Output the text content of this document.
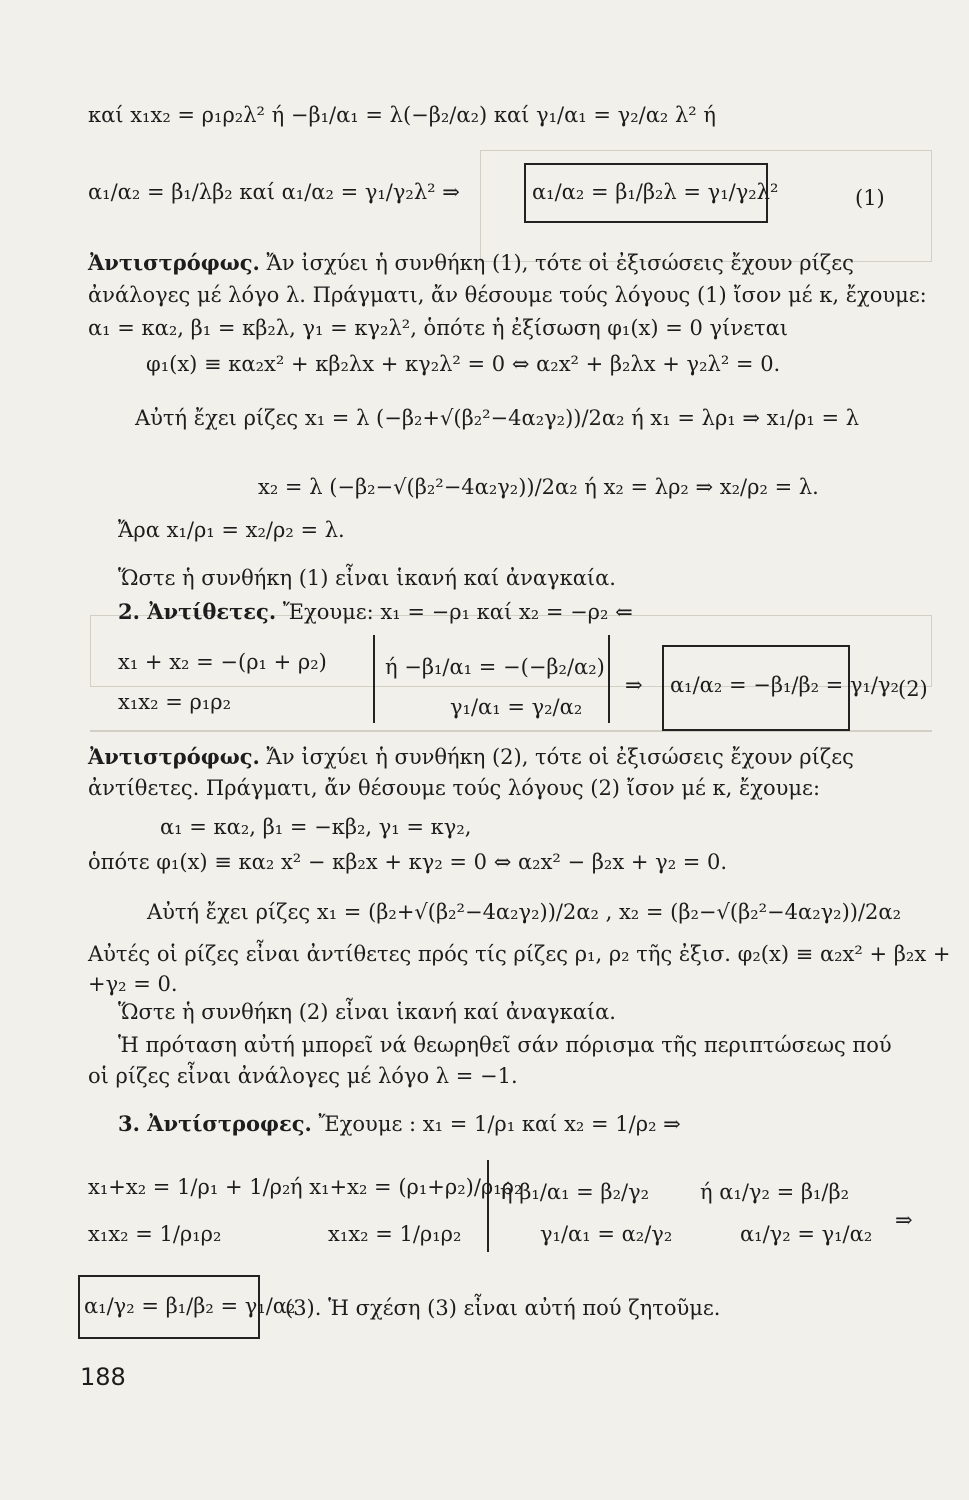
καί x₁x₂ = ρ₁ρ₂λ² ή −β₁/α₁ = λ(−β₂/α₂) καί γ₁/α₁ = γ₂/α₂ λ² ή
α₁/α₂ = β₁/λβ₂ καί α₁/α₂ = γ₁/γ₂λ² ⇒	α₁/α₂ = β₁/β₂λ = γ₁/γ₂λ²	(1)
Ἀντιστρόφως. Ἄν ἰσχύει ἡ συνθήκη (1), τότε οἱ ἐξισώσεις ἔχουν ρίζες
ἀνάλογες μέ λόγο λ. Πράγματι, ἄν θέσουμε τούς λόγους (1) ἴσον μέ κ, ἔχουμε:
α₁ = κα₂, β₁ = κβ₂λ, γ₁ = κγ₂λ², ὁπότε ἡ ἐξίσωση φ₁(x) = 0 γίνεται
φ₁(x) ≡ κα₂x² + κβ₂λx + κγ₂λ² = 0 ⇔ α₂x² + β₂λx + γ₂λ² = 0.
Αὐτή ἔχει ρίζες x₁ = λ (−β₂+√(β₂²−4α₂γ₂))/2α₂ ή x₁ = λρ₁ ⇒ x₁/ρ₁ = λ
x₂ = λ (−β₂−√(β₂²−4α₂γ₂))/2α₂ ή x₂ = λρ₂ ⇒ x₂/ρ₂ = λ.
Ἄρα x₁/ρ₁ = x₂/ρ₂ = λ.
Ὥστε ἡ συνθήκη (1) εἶναι ἱκανή καί ἀναγκαία.
2. Ἀντίθετες. Ἔχουμε: x₁ = −ρ₁ καί x₂ = −ρ₂ ⇐
x₁ + x₂ = −(ρ₁ + ρ₂)
x₁x₂ = ρ₁ρ₂
ή −β₁/α₁ = −(−β₂/α₂)
γ₁/α₁ = γ₂/α₂
⇒ α₁/α₂ = −β₁/β₂ = γ₁/γ₂ (2)
Ἀντιστρόφως. Ἄν ἰσχύει ἡ συνθήκη (2), τότε οἱ ἐξισώσεις ἔχουν ρίζες
ἀντίθετες. Πράγματι, ἄν θέσουμε τούς λόγους (2) ἴσον μέ κ, ἔχουμε:
α₁ = κα₂, β₁ = −κβ₂, γ₁ = κγ₂,
ὁπότε φ₁(x) ≡ κα₂ x² − κβ₂x + κγ₂ = 0 ⇔ α₂x² − β₂x + γ₂ = 0.
Αὐτή ἔχει ρίζες x₁ = (β₂+√(β₂²−4α₂γ₂))/2α₂ , x₂ = (β₂−√(β₂²−4α₂γ₂))/2α₂
Αὐτές οἱ ρίζες εἶναι ἀντίθετες πρός τίς ρίζες ρ₁, ρ₂ τῆς ἐξισ. φ₂(x) ≡ α₂x² + β₂x +
+γ₂ = 0.
Ὥστε ἡ συνθήκη (2) εἶναι ἱκανή καί ἀναγκαία.
Ἡ πρόταση αὐτή μπορεῖ νά θεωρηθεῖ σάν πόρισμα τῆς περιπτώσεως πού
οἱ ρίζες εἶναι ἀνάλογες μέ λόγο λ = −1.
3. Ἀντίστροφες. Ἔχουμε : x₁ = 1/ρ₁ καί x₂ = 1/ρ₂ ⇒
x₁+x₂ = 1/ρ₁ + 1/ρ₂
x₁x₂ = 1/ρ₁ρ₂
ή x₁+x₂ = (ρ₁+ρ₂)/ρ₁ρ₂
x₁x₂ = 1/ρ₁ρ₂
ή β₁/α₁ = β₂/γ₂
γ₁/α₁ = α₂/γ₂
ή α₁/γ₂ = β₁/β₂
α₁/γ₂ = γ₁/α₂
⇒
α₁/γ₂ = β₁/β₂ = γ₁/α₂
(3). Ἡ σχέση (3) εἶναι αὐτή πού ζητοῦμε.
188
